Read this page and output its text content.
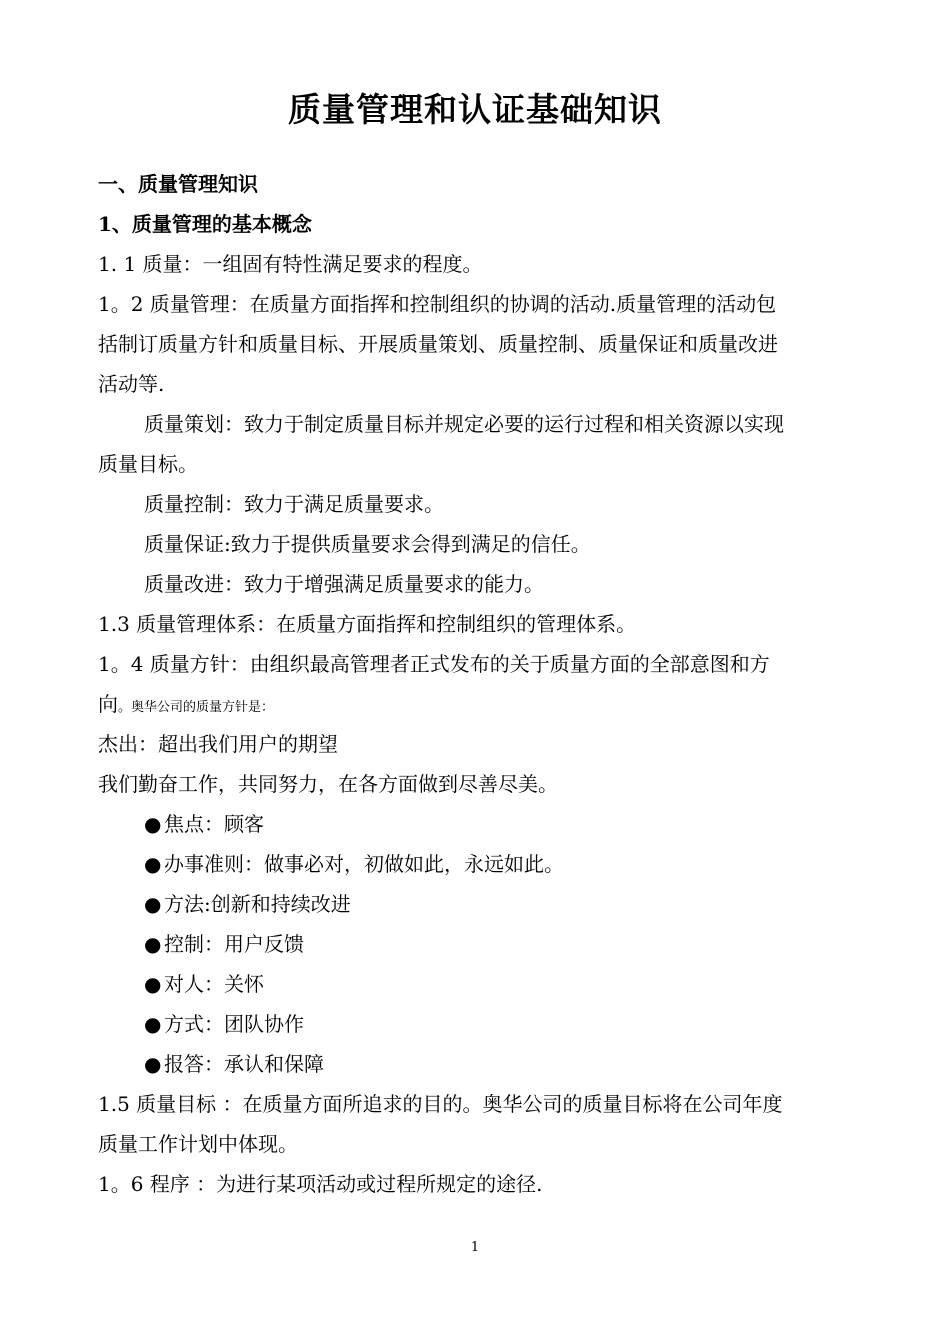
质量管理和认证基础知识
一、质量管理知识
1、质量管理的基本概念
1. 1 质量：一组固有特性满足要求的程度。
1。2 质量管理：在质量方面指挥和控制组织的协调的活动.质量管理的活动包
括制订质量方针和质量目标、开展质量策划、质量控制、质量保证和质量改进
活动等.
质量策划：致力于制定质量目标并规定必要的运行过程和相关资源以实现
质量目标。
质量控制：致力于满足质量要求。
质量保证:致力于提供质量要求会得到满足的信任。
质量改进：致力于增强满足质量要求的能力。
1.3 质量管理体系：在质量方面指挥和控制组织的管理体系。
1。4 质量方针：由组织最高管理者正式发布的关于质量方面的全部意图和方
向。奥华公司的质量方针是：
杰出：超出我们用户的期望
我们勤奋工作，共同努力，在各方面做到尽善尽美。
● 焦点：顾客
● 办事准则：做事必对，初做如此，永远如此。
● 方法:创新和持续改进
● 控制：用户反馈
● 对人：关怀
● 方式：团队协作
● 报答：承认和保障
1.5 质量目标 ：在质量方面所追求的目的。奥华公司的质量目标将在公司年度
质量工作计划中体现。
1。6 程序 ：为进行某项活动或过程所规定的途径.
1
